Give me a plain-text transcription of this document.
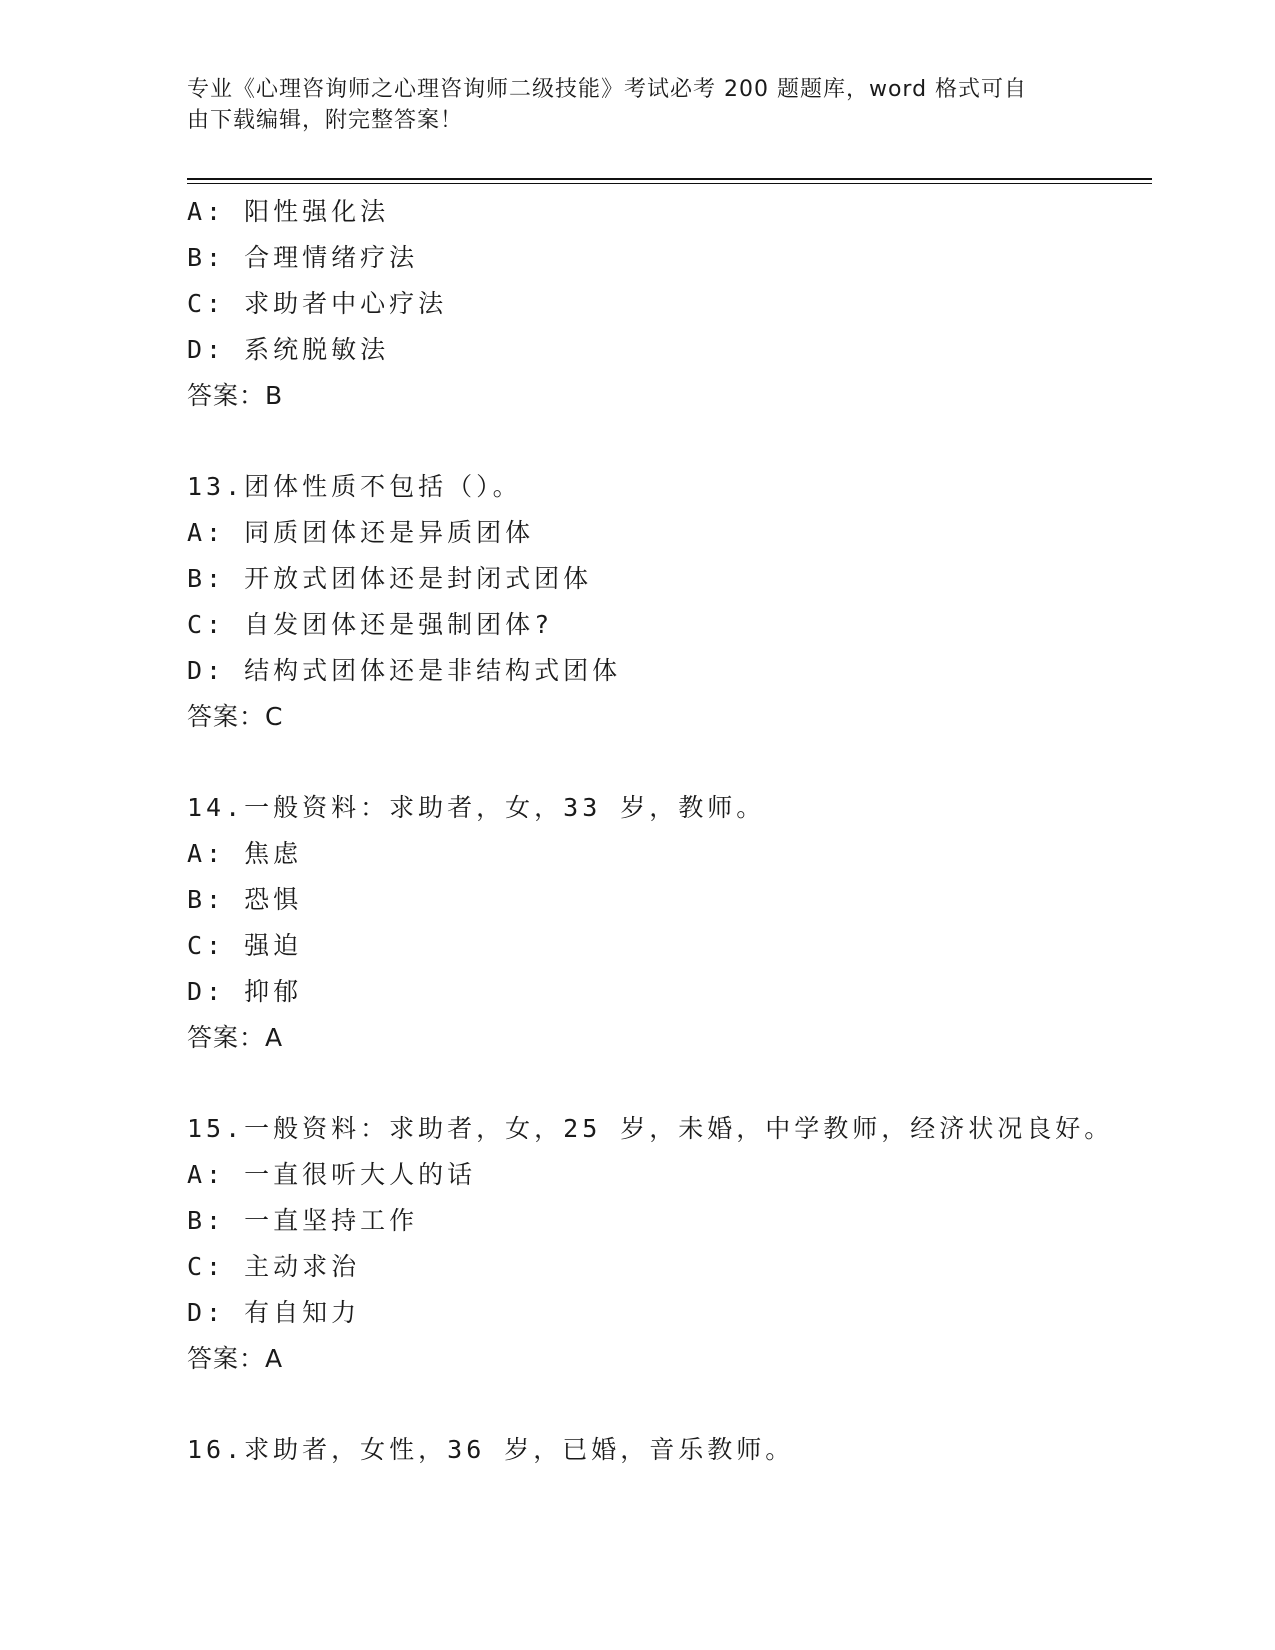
专业《心理咨询师之心理咨询师二级技能》考试必考 200 题题库，word 格式可自
由下载编辑，附完整答案！
A: 阳性强化法
B: 合理情绪疗法
C: 求助者中心疗法
D: 系统脱敏法
答案：B
13.团体性质不包括（）。
A: 同质团体还是异质团体
B: 开放式团体还是封闭式团体
C: 自发团体还是强制团体?
D: 结构式团体还是非结构式团体
答案：C
14.一般资料：求助者，女，33 岁，教师。
A: 焦虑
B: 恐惧
C: 强迫
D: 抑郁
答案：A
15.一般资料：求助者，女，25 岁，未婚，中学教师，经济状况良好。
A: 一直很听大人的话
B: 一直坚持工作
C: 主动求治
D: 有自知力
答案：A
16.求助者，女性，36 岁，已婚，音乐教师。
